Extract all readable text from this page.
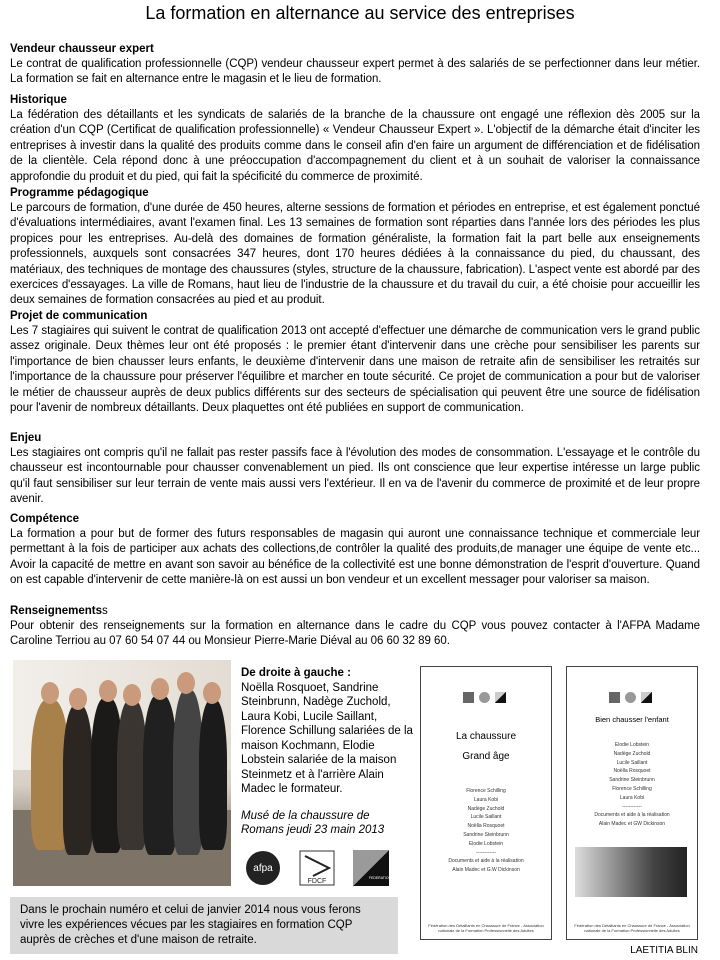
La formation en alternance au service des entreprises
Vendeur chausseur expert

Le contrat de qualification professionnelle (CQP) vendeur chausseur expert permet à des salariés de se perfectionner dans leur métier. La formation se fait en alternance entre le magasin et le lieu de formation.

Historique

La fédération des détaillants et les syndicats de salariés de la branche de la chaussure ont engagé une réflexion dès 2005 sur la création d'un CQP (Certificat de qualification professionnelle) « Vendeur Chausseur Expert ». L'objectif de la démarche était d'inciter les entreprises à investir dans la qualité des produits comme dans le conseil afin d'en faire un argument de différenciation et de fidélisation de la clientèle. Cela répond donc à une préoccupation d'accompagnement du client et à un souhait de valoriser la connaissance approfondie du produit et du pied, qui fait la spécificité du commerce de proximité.

Programme pédagogique

Le parcours de formation, d'une durée de 450 heures, alterne sessions de formation et périodes en entreprise, et est également ponctué d'évaluations intermédiaires, avant l'examen final. Les 13 semaines de formation sont réparties dans l'année lors des périodes les plus propices pour les entreprises. Au-delà des domaines de formation généraliste, la formation fait la part belle aux enseignements professionnels, auxquels sont consacrées 347 heures, dont 170 heures dédiées à la connaissance du pied, du chaussant, des matériaux, des techniques de montage des chaussures (styles, structure de la chaussure, fabrication). L'aspect vente est abordé par des exercices d'essayages. La ville de Romans, haut lieu de l'industrie de la chaussure et du travail du cuir, a été choisie pour accueillir les deux semaines de formation consacrées au pied et au produit.

Projet de communication

Les 7 stagiaires qui suivent le contrat de qualification 2013 ont accepté d'effectuer une démarche de communication vers le grand public assez originale. Deux thèmes leur ont été proposés : le premier étant d'intervenir dans une crèche pour sensibiliser les parents sur l'importance de bien chausser leurs enfants, le deuxième d'intervenir dans une maison de retraite afin de sensibiliser les retraités sur l'importance de la chaussure pour préserver l'équilibre et marcher en toute sécurité. Ce projet de communication a pour but de valoriser le métier de chausseur auprès de deux publics différents sur des secteurs de spécialisation qui peuvent être une source de fidélisation pour l'avenir de nombreux détaillants. Deux plaquettes ont été publiées en support de communication.

Enjeu

Les stagiaires ont compris qu'il ne fallait pas rester passifs face à l'évolution des modes de consommation. L'essayage et le contrôle du chausseur est incontournable pour chausser convenablement un pied. Ils ont conscience que leur expertise intéresse un large public qu'il faut sensibiliser sur leur terrain de vente mais aussi vers l'extérieur. Il en va de l'avenir du commerce de proximité et de leur propre avenir.

Compétence

La formation a pour but de former des futurs responsables de magasin qui auront une connaissance technique et commerciale leur permettant à la fois de participer aux achats des collections,de contrôler la qualité des produits,de manager une équipe de vente etc... Avoir la capacité de mettre en avant son savoir au bénéfice de la collectivité est une bonne démonstration de l'esprit d'ouverture. Quand on est capable d'intervenir de cette manière-là on est aussi un bon vendeur et un excellent messager pour valoriser sa maison.

Renseignementss

Pour obtenir des renseignements sur la formation en alternance dans le cadre du CQP vous pouvez contacter à l'AFPA Madame Caroline Terriou au 07 60 54 07 44 ou Monsieur Pierre-Marie Diéval au 06 60 32 89 60.

De droite à gauche :
Noëlla Rosquoet, Sandrine Steinbrunn, Nadège Zuchold, Laura Kobi, Lucile Saillant, Florence Schillung salariées de la maison Kochmann, Elodie Lobstein salariée de la maison Steinmetz et à l'arrière Alain Madec le formateur.
Musé de la chaussure de Romans jeudi 23 main 2013
afpa
FDCF	FEDERATION
Dans le prochain numéro et celui de janvier 2014 nous vous ferons vivre les expériences vécues par les stagiaires en formation CQP auprès de crèches et d'une maison de retraite.
La chaussure
Grand âge
Florence Schilling
Laura Kobi
Nadège Zuchold
Lucile Saillant
Noëlla Rosquoet
Sandrine Steinbrunn
Elodie Lobstein
------------
Documents et aide à la réalisation
Alain Madec et G.W Dickinson
Fédération des Détaillants en Chaussure de France - Association nationale de la Formation Professionnelle des Adultes
Bien chausser l'enfant
Elodie Lobstein
Nadège Zuchold
Lucile Saillant
Noëlla Rosquoet
Sandrine Steinbrunn
Florence Schilling
Laura Kobi
------------
Documents et aide à la réalisation
Alain Madec et GW Dickinson
Fédération des Détaillants en Chaussure de France - Association nationale de la Formation Professionnelle des Adultes
LAETITIA BLIN
